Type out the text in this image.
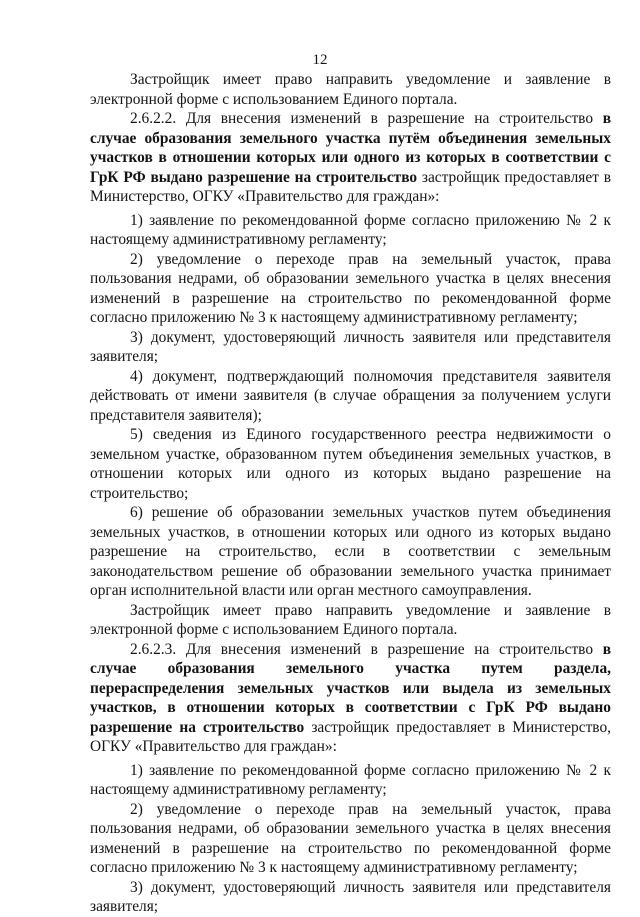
12

Застройщик имеет право направить уведомление и заявление в электронной форме с использованием Единого портала.

2.6.2.2. Для внесения изменений в разрешение на строительство в случае образования земельного участка путём объединения земельных участков в отношении которых или одного из которых в соответствии с ГрК РФ выдано разрешение на строительство застройщик предоставляет в Министерство, ОГКУ «Правительство для граждан»:

1) заявление по рекомендованной форме согласно приложению № 2 к настоящему административному регламенту;

2) уведомление о переходе прав на земельный участок, права пользования недрами, об образовании земельного участка в целях внесения изменений в разрешение на строительство по рекомендованной форме согласно приложению № 3 к настоящему административному регламенту;

3) документ, удостоверяющий личность заявителя или представителя заявителя;

4) документ, подтверждающий полномочия представителя заявителя действовать от имени заявителя (в случае обращения за получением услуги представителя заявителя);

5) сведения из Единого государственного реестра недвижимости о земельном участке, образованном путем объединения земельных участков, в отношении которых или одного из которых выдано разрешение на строительство;

6) решение об образовании земельных участков путем объединения земельных участков, в отношении которых или одного из которых выдано разрешение на строительство, если в соответствии с земельным законодательством решение об образовании земельного участка принимает орган исполнительной власти или орган местного самоуправления.

Застройщик имеет право направить уведомление и заявление в электронной форме с использованием Единого портала.

2.6.2.3. Для внесения изменений в разрешение на строительство в случае образования земельного участка путем раздела, перераспределения земельных участков или выдела из земельных участков, в отношении которых в соответствии с ГрК РФ выдано разрешение на строительство застройщик предоставляет в Министерство, ОГКУ «Правительство для граждан»:

1) заявление по рекомендованной форме согласно приложению № 2 к настоящему административному регламенту;

2) уведомление о переходе прав на земельный участок, права пользования недрами, об образовании земельного участка в целях внесения изменений в разрешение на строительство по рекомендованной форме согласно приложению № 3 к настоящему административному регламенту;

3) документ, удостоверяющий личность заявителя или представителя заявителя;
